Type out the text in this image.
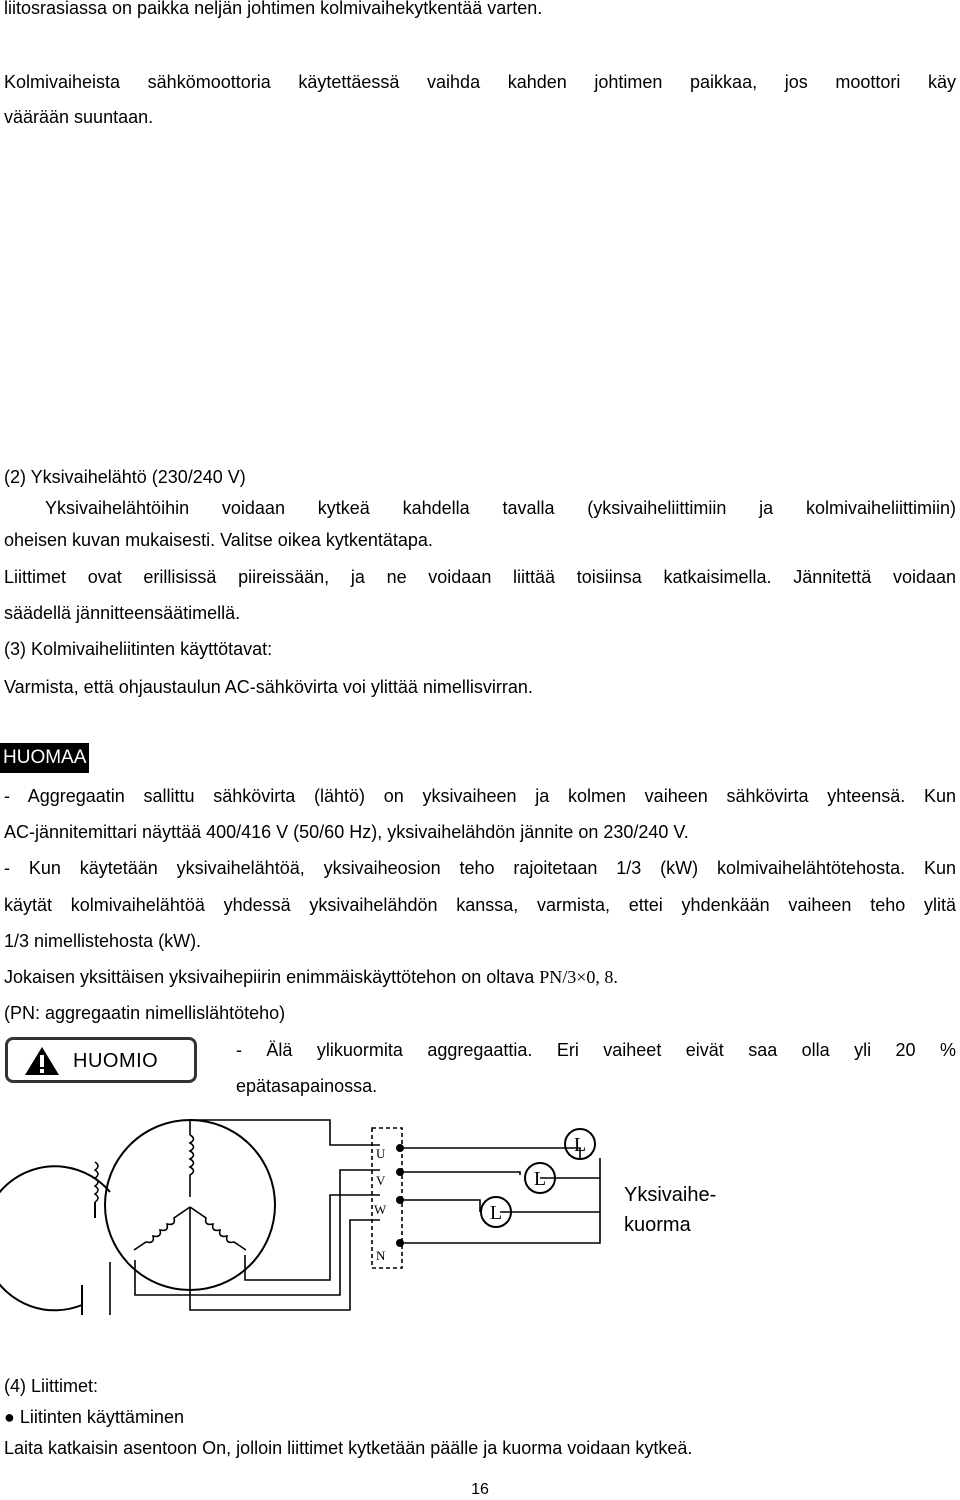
liitosrasiassa on paikka neljän johtimen kolmivaihekytkentää varten.
Kolmivaiheista sähkömoottoria käytettäessä vaihda kahden johtimen paikkaa, jos moottori käy
väärään suuntaan.
(2) Yksivaihelähtö (230/240 V)
Yksivaihelähtöihin voidaan kytkeä kahdella tavalla (yksivaiheliittimiin ja kolmivaiheliittimiin)
oheisen kuvan mukaisesti. Valitse oikea kytkentätapa.
Liittimet ovat erillisissä piireissään, ja ne voidaan liittää toisiinsa katkaisimella. Jännitettä voidaan
säädellä jännitteensäätimellä.
(3) Kolmivaiheliitinten käyttötavat:
Varmista, että ohjaustaulun AC-sähkövirta voi ylittää nimellisvirran.
HUOMAA
- Aggregaatin sallittu sähkövirta (lähtö) on yksivaiheen ja kolmen vaiheen sähkövirta yhteensä. Kun
AC-jännitemittari näyttää 400/416 V (50/60 Hz), yksivaihelähdön jännite on 230/240 V.
- Kun käytetään yksivaihelähtöä, yksivaiheosion teho rajoitetaan 1/3 (kW) kolmivaihelähtötehosta. Kun
käytät kolmivaihelähtöä yhdessä yksivaihelähdön kanssa, varmista, ettei yhdenkään vaiheen teho ylitä
1/3 nimellistehosta (kW).
Jokaisen yksittäisen yksivaihepiirin enimmäiskäyttötehon on oltava PN/3×0, 8.
(PN: aggregaatin nimellislähtöteho)
HUOMIO	- Älä ylikuormita aggregaattia. Eri vaiheet eivät saa olla yli 20 %
epätasapainossa.
U
V
W
N
L
L
L
Yksivaihe-
kuorma
(4) Liittimet:
● Liitinten käyttäminen
Laita katkaisin asentoon On, jolloin liittimet kytketään päälle ja kuorma voidaan kytkeä.
16
